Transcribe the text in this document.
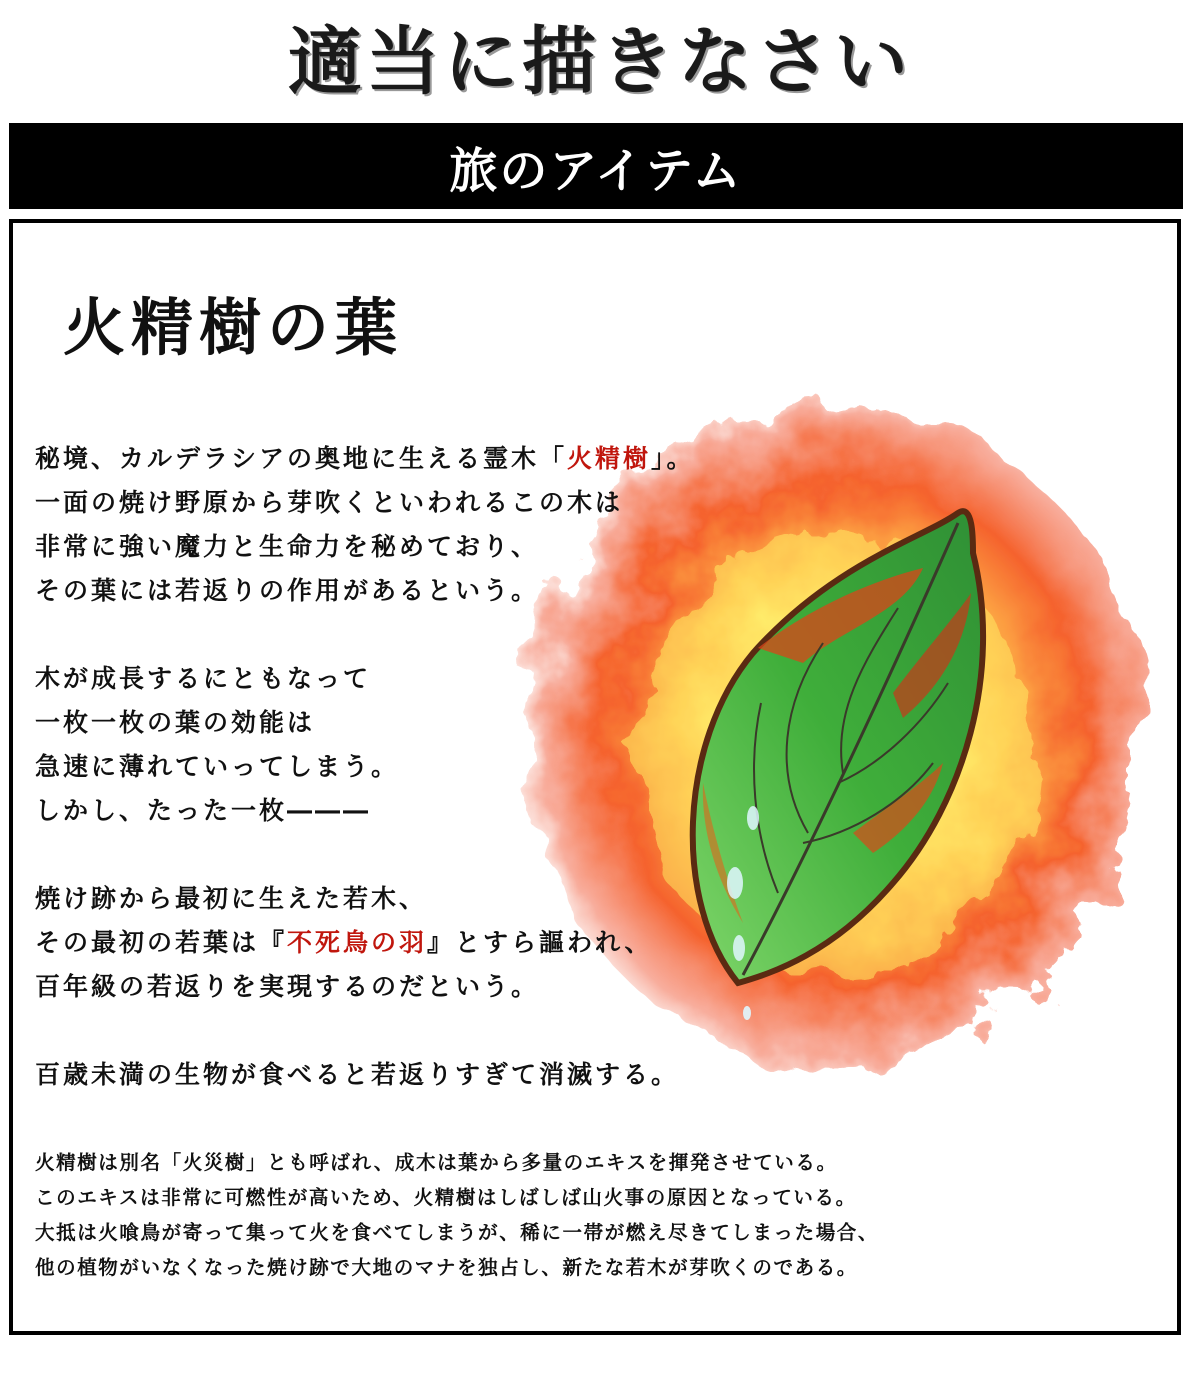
適当に描きなさい
旅のアイテム
火精樹の葉

秘境、カルデラシアの奥地に生える霊木「火精樹」。

一面の焼け野原から芽吹くといわれるこの木は

非常に強い魔力と生命力を秘めており、

その葉には若返りの作用があるという。

木が成長するにともなって

一枚一枚の葉の効能は

急速に薄れていってしまう。

しかし、たった一枚―――

焼け跡から最初に生えた若木、

その最初の若葉は『不死鳥の羽』とすら謳われ、

百年級の若返りを実現するのだという。

百歳未満の生物が食べると若返りすぎて消滅する。

火精樹は別名「火災樹」とも呼ばれ、成木は葉から多量のエキスを揮発させている。

このエキスは非常に可燃性が高いため、火精樹はしばしば山火事の原因となっている。

大抵は火喰鳥が寄って集って火を食べてしまうが、稀に一帯が燃え尽きてしまった場合、

他の植物がいなくなった焼け跡で大地のマナを独占し、新たな若木が芽吹くのである。
